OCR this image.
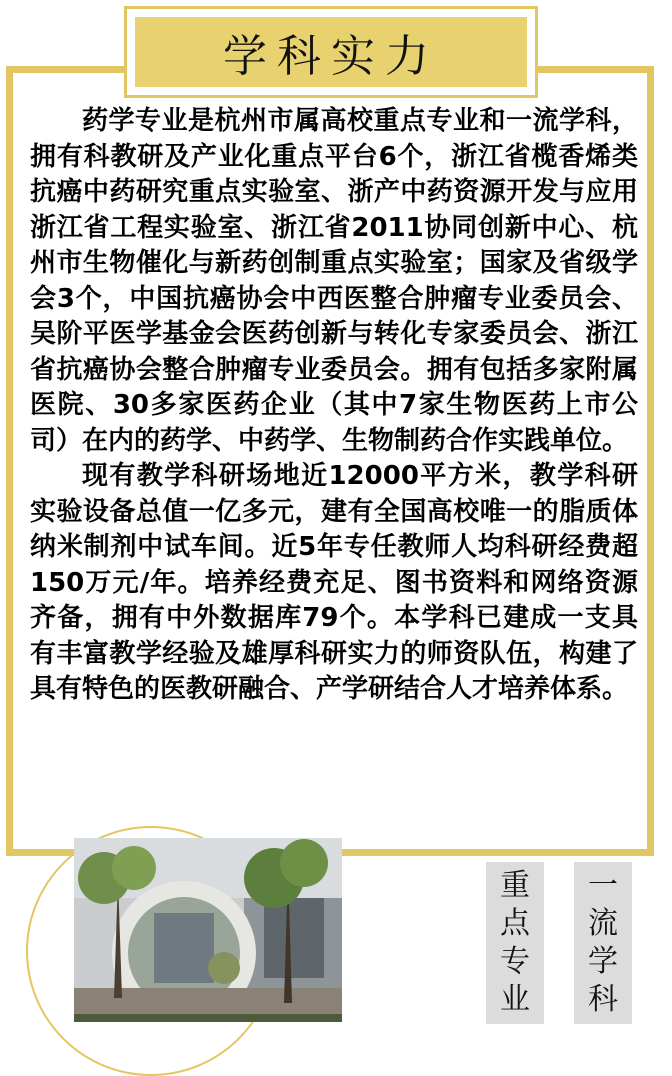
学科实力

药学专业是杭州市属高校重点专业和一流学科，拥有科教研及产业化重点平台6个，浙江省榄香烯类抗癌中药研究重点实验室、浙产中药资源开发与应用浙江省工程实验室、浙江省2011协同创新中心、杭州市生物催化与新药创制重点实验室；国家及省级学会3个，中国抗癌协会中西医整合肿瘤专业委员会、吴阶平医学基金会医药创新与转化专家委员会、浙江省抗癌协会整合肿瘤专业委员会。拥有包括多家附属医院、30多家医药企业（其中7家生物医药上市公司）在内的药学、中药学、生物制药合作实践单位。

现有教学科研场地近12000平方米，教学科研实验设备总值一亿多元，建有全国高校唯一的脂质体纳米制剂中试车间。近5年专任教师人均科研经费超150万元/年。培养经费充足、图书资料和网络资源齐备，拥有中外数据库79个。本学科已建成一支具有丰富教学经验及雄厚科研实力的师资队伍，构建了具有特色的医教研融合、产学研结合人才培养体系。

重
点
专
业
一
流
学
科
